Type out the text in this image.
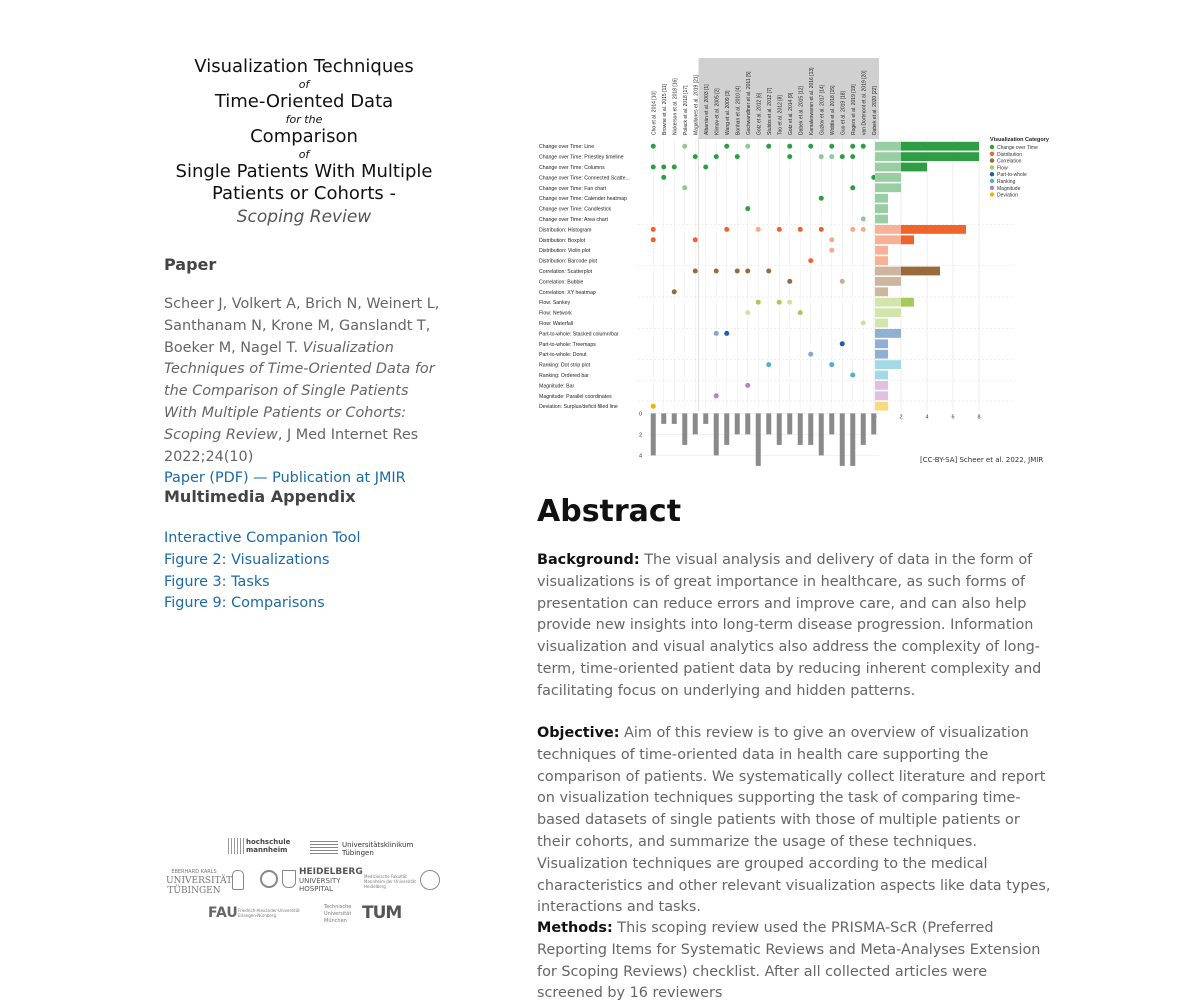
Visualization Techniques
of
Time-Oriented Data
for the
Comparison
of
Single Patients With Multiple
Patients or Cohorts -
Scoping Review
Paper
Scheer J, Volkert A, Brich N, Weinert L, Santhanam N, Krone M, Ganslandt T, Boeker M, Nagel T. Visualization Techniques of Time-Oriented Data for the Comparison of Single Patients With Multiple Patients or Cohorts: Scoping Review, J Med Internet Res 2022;24(10)
Paper (PDF) — Publication at JMIR
Multimedia Appendix
Interactive Companion Tool
Figure 2: Visualizations
Figure 3: Tasks
Figure 9: Comparisons
hochschule mannheim
Universitätsklinikum Tübingen
EBERHARD KARLS
UNIVERSITÄT
TÜBINGEN
HEIDELBERG
UNIVERSITY
HOSPITAL
Medizinische Fakultät Mannheim der Universität Heidelberg
FAU Friedrich-Alexander-Universität Erlangen-Nürnberg
Technische Universität München TUM
Cho et al. 2014 [10] Browne et al. 2015 [11] Nickerson et al. 2018 [16] Polack et al. 2018 [17] Magallanes et al. 2019 [21] Albarrán et al. 2003 [1] Klimov et al. 2005 [2] Wang et al. 2009 [3] Bonhan et al. 2010 [4] Gschwandtner et al. 2011 [5] Gotz et al. 2012 [6] Stubbs et al. 2012 [7] Tao et al. 2012 [8] Gotz et al. 2014 [9] Dabek et al. 2015 [12] Kamaleswaran et al. 2016 [13] Guzlov et al. 2017 [14] Widdis et al. 2018 [15] Guo et al. 2019 [18] Rogers et al. 2019 [19] van Dortmont et al. 2019 [20] Dabek et al. 2020 [22]
2	4	6	8
Change over Time: Line
Change over Time: Priestley timeline
Change over Time: Columns
Change over Time: Connected Scatte...
Change over Time: Fan chart
Change over Time: Calender heatmap
Change over Time: Candlestick
Change over Time: Area chart
Distribution: Histogram
Distribution: Boxplot
Distribution: Violin plot
Distribution: Barcode plot
Correlation: Scatterplot
Correlation: Bubble
Correlation: XY heatmap
Flow: Sankey
Flow: Network
Flow: Waterfall
Part-to-whole: Stacked column/bar
Part-to-whole: Treemaps
Part-to-whole: Donut
Ranking: Dot strip plot
Ranking: Ordered bar
Magnitude: Bar
Magnitude: Parallel coordinates
Deviation: Surplus/deficit filled line
0
2
4
Visualization Category
Change over Time
Distribution
Correlation
Flow
Part-to-whole
Ranking
Magnitude
Deviation
[CC-BY-SA] Scheer et al. 2022, JMIR
Abstract
Background: The visual analysis and delivery of data in the form of visualizations is of great importance in healthcare, as such forms of presentation can reduce errors and improve care, and can also help provide new insights into long-term disease progression. Information visualization and visual analytics also address the complexity of long-term, time-oriented patient data by reducing inherent complexity and facilitating focus on underlying and hidden patterns.
Objective: Aim of this review is to give an overview of visualization techniques of time-oriented data in health care supporting the comparison of patients. We systematically collect literature and report on visualization techniques supporting the task of comparing time-based datasets of single patients with those of multiple patients or their cohorts, and summarize the usage of these techniques. Visualization techniques are grouped according to the medical characteristics and other relevant visualization aspects like data types, interactions and tasks.
Methods: This scoping review used the PRISMA-ScR (Preferred Reporting Items for Systematic Reviews and Meta-Analyses Extension for Scoping Reviews) checklist. After all collected articles were screened by 16 reviewers
